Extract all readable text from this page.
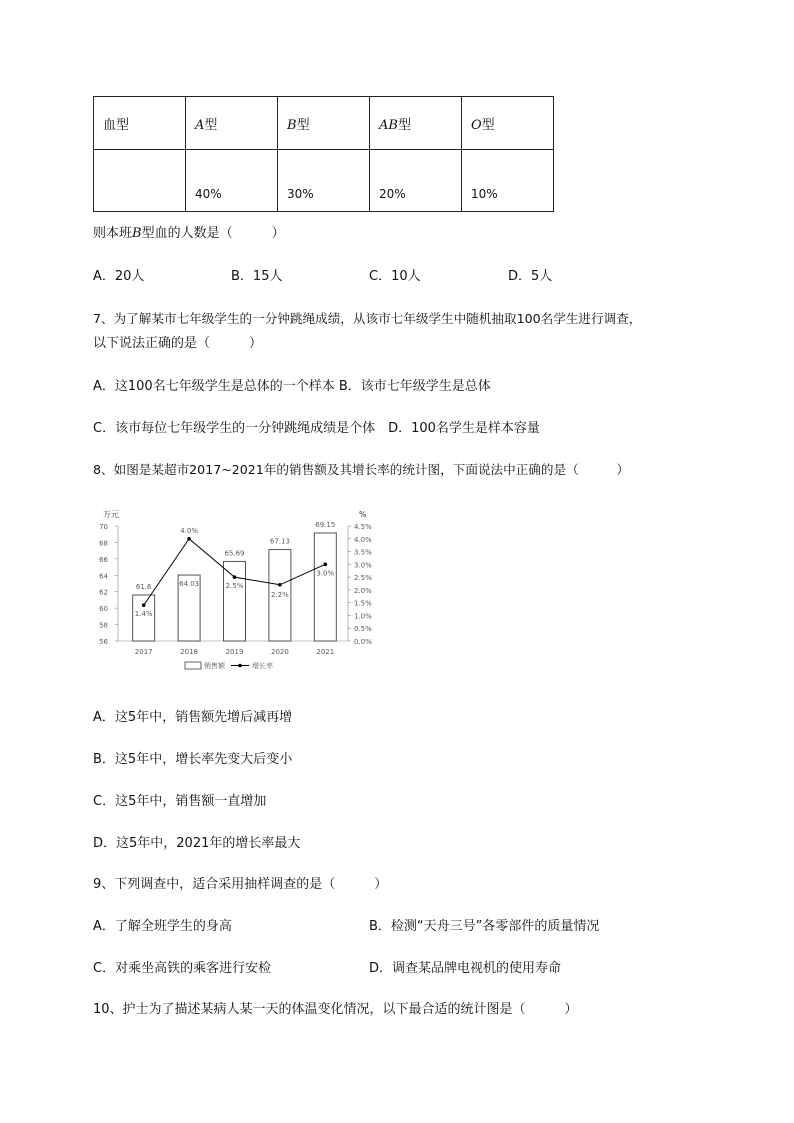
血型	A型	B型	AB型	O型
	40%	30%	20%	10%
则本班B型血的人数是（　　　）
A．20人	B．15人	C．10人	D．5人
7、为了解某市七年级学生的一分钟跳绳成绩，从该市七年级学生中随机抽取100名学生进行调查，
以下说法正确的是（　　　）
A．这100名七年级学生是总体的一个样本 B．该市七年级学生是总体
C．该市每位七年级学生的一分钟跳绳成绩是个体　D．100名学生是样本容量
8、如图是某超市2017~2021年的销售额及其增长率的统计图，下面说法中正确的是（　　　）
万元	%
70
68
66
64
62
60
58
56
4.5%
4.0%
3.5%
3.0%
2.5%
2.0%
1.5%
1.0%
0.5%
0.0%
2017	2018	2019	2020	2021
61.6	64.03
65.69
67.13
69.15
1.4%
4.0%
2.5%
2.2%
3.0%
销售额	增长率
A．这5年中，销售额先增后减再增
B．这5年中，增长率先变大后变小
C．这5年中，销售额一直增加
D．这5年中，2021年的增长率最大
9、下列调查中，适合采用抽样调查的是（　　　）
A．了解全班学生的身高	B．检测“天舟三号”各零部件的质量情况
C．对乘坐高铁的乘客进行安检	D．调查某品牌电视机的使用寿命
10、护士为了描述某病人某一天的体温变化情况，以下最合适的统计图是（　　　）
